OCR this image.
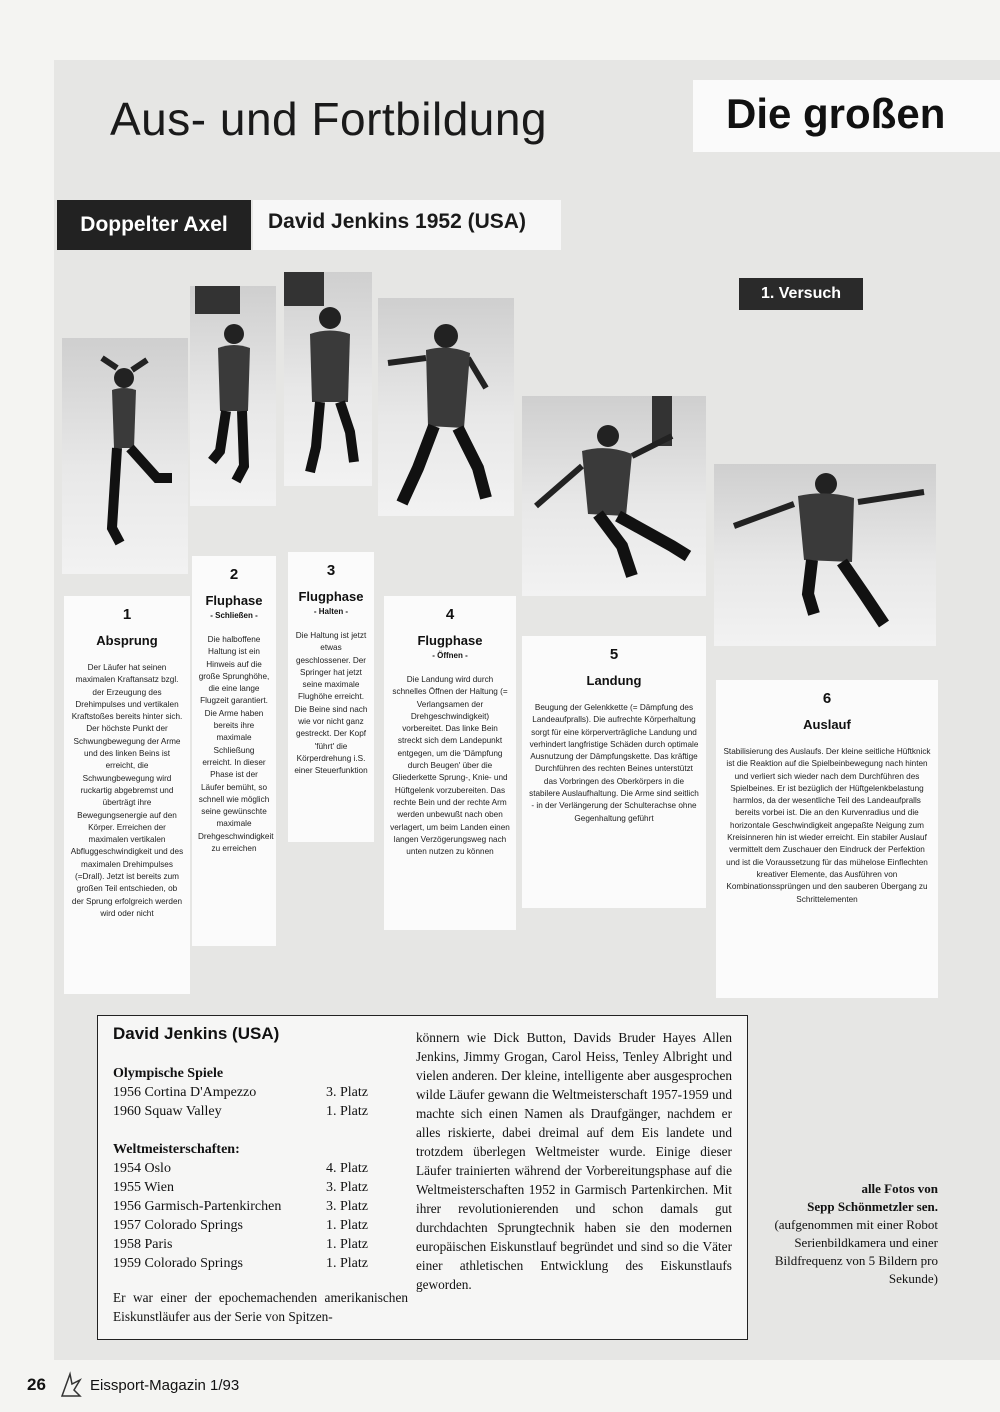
Aus- und Fortbildung	Die großen
Doppelter Axel	David Jenkins 1952 (USA)
1. Versuch
1
Absprung
Der Läufer hat seinen maximalen Kraftansatz bzgl. der Erzeugung des Drehimpulses und vertikalen Kraftstoßes bereits hinter sich. Der höchste Punkt der Schwungbewegung der Arme und des linken Beins ist erreicht, die Schwungbewegung wird ruckartig abgebremst und überträgt ihre Bewegungsenergie auf den Körper. Erreichen der maximalen vertikalen Abfluggeschwindigkeit und des maximalen Drehimpulses (=Drall). Jetzt ist bereits zum großen Teil entschieden, ob der Sprung erfolgreich werden wird oder nicht
2
Fluphase
- Schließen -
Die halboffene Haltung ist ein Hinweis auf die große Sprunghöhe, die eine lange Flugzeit garantiert. Die Arme haben bereits ihre maximale Schließung erreicht. In dieser Phase ist der Läufer bemüht, so schnell wie möglich seine gewünschte maximale Drehgeschwindigkeit zu erreichen
3
Flugphase
- Halten -
Die Haltung ist jetzt etwas geschlossener. Der Springer hat jetzt seine maximale Flughöhe erreicht. Die Beine sind nach wie vor nicht ganz gestreckt. Der Kopf 'führt' die Körperdrehung i.S. einer Steuerfunktion
4
Flugphase
- Öffnen -
Die Landung wird durch schnelles Öffnen der Haltung (= Verlangsamen der Drehgeschwindigkeit) vorbereitet. Das linke Bein streckt sich dem Landepunkt entgegen, um die 'Dämpfung durch Beugen' über die Gliederkette Sprung-, Knie- und Hüftgelenk vorzubereiten. Das rechte Bein und der rechte Arm werden unbewußt nach oben verlagert, um beim Landen einen langen Verzögerungsweg nach unten nutzen zu können
5
Landung
Beugung der Gelenkkette (= Dämpfung des Landeaufpralls). Die aufrechte Körperhaltung sorgt für eine körperverträgliche Landung und verhindert langfristige Schäden durch optimale Ausnutzung der Dämpfungskette. Das kräftige Durchführen des rechten Beines unterstützt das Vorbringen des Oberkörpers in die stabilere Auslaufhaltung. Die Arme sind seitlich - in der Verlängerung der Schulterachse ohne Gegenhaltung geführt
6
Auslauf
Stabilisierung des Auslaufs. Der kleine seitliche Hüftknick ist die Reaktion auf die Spielbeinbewegung nach hinten und verliert sich wieder nach dem Durchführen des Spielbeines. Er ist bezüglich der Hüftgelenkbelastung harmlos, da der wesentliche Teil des Landeaufpralls bereits vorbei ist. Die an den Kurvenradius und die horizontale Geschwindigkeit angepaßte Neigung zum Kreisinneren hin ist wieder erreicht. Ein stabiler Auslauf vermittelt dem Zuschauer den Eindruck der Perfektion und ist die Voraussetzung für das mühelose Einflechten kreativer Elemente, das Ausführen von Kombinationssprüngen und den sauberen Übergang zu Schrittelementen
David Jenkins (USA)
Olympische Spiele
1956 Cortina D'Ampezzo	3. Platz
1960 Squaw Valley	1. Platz
Weltmeisterschaften:
1954 Oslo	4. Platz
1955 Wien	3. Platz
1956 Garmisch-Partenkirchen	3. Platz
1957 Colorado Springs	1. Platz
1958 Paris	1. Platz
1959 Colorado Springs	1. Platz
Er war einer der epochemachenden amerikanischen Eiskunstläufer aus der Serie von Spitzen-
könnern wie Dick Button, Davids Bruder Hayes Allen Jenkins, Jimmy Grogan, Carol Heiss, Tenley Albright und vielen anderen. Der kleine, intelligente aber ausgesprochen wilde Läufer gewann die Weltmeisterschaft 1957-1959 und machte sich einen Namen als Draufgänger, nachdem er alles riskierte, dabei dreimal auf dem Eis landete und trotzdem überlegen Weltmeister wurde. Einige dieser Läufer trainierten während der Vorbereitungsphase auf die Weltmeisterschaften 1952 in Garmisch Partenkirchen. Mit ihrer revolutionierenden und schon damals gut durchdachten Sprungtechnik haben sie den modernen europäischen Eiskunstlauf begründet und sind so die Väter einer athletischen Entwicklung des Eiskunstlaufs geworden.
alle Fotos von
Sepp Schönmetzler sen.
(aufgenommen mit einer Robot Serienbildkamera und einer Bildfrequenz von 5 Bildern pro Sekunde)
26	Eissport-Magazin 1/93
